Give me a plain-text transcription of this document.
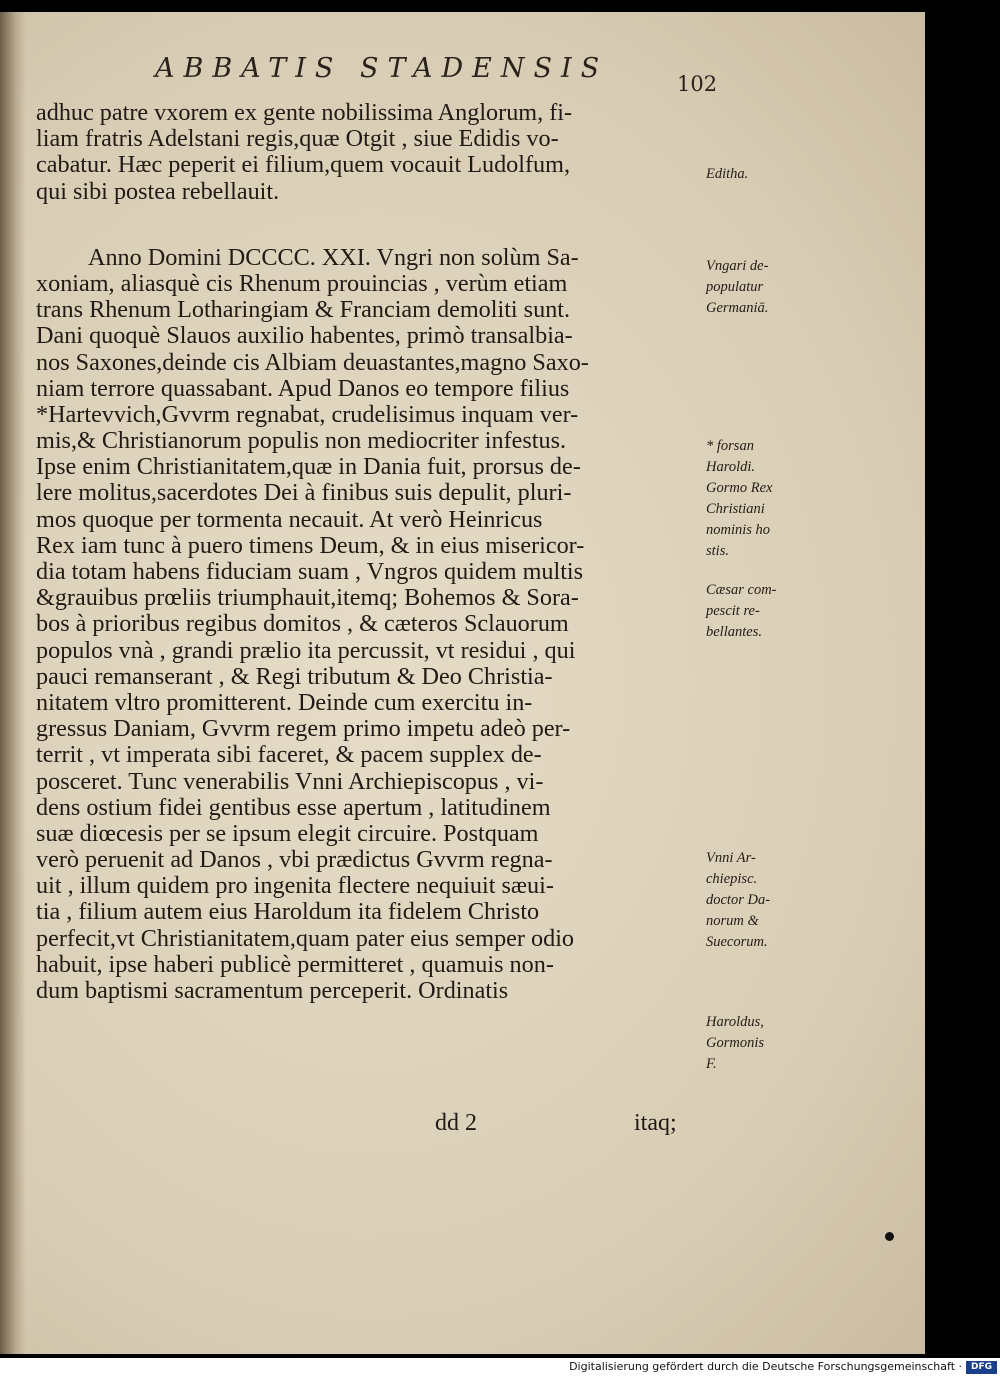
ABBATIS STADENSIS	102
adhuc patre vxorem ex gente nobilissima Anglorum, fi-
liam fratris Adelstani regis,quæ Otgit , siue Edidis vo-
cabatur. Hæc peperit ei filium,quem vocauit Ludolfum,
qui sibi postea rebellauit.
Anno Domini DCCCC. XXI. Vngri non solùm Sa-
xoniam, aliasquè cis Rhenum prouincias , verùm etiam
trans Rhenum Lotharingiam & Franciam demoliti sunt.
Dani quoquè Slauos auxilio habentes, primò transalbia-
nos Saxones,deinde cis Albiam deuastantes,magno Saxo-
niam terrore quassabant. Apud Danos eo tempore filius
*Hartevvich,Gvvrm regnabat, crudelisimus inquam ver-
mis,& Christianorum populis non mediocriter infestus.
Ipse enim Christianitatem,quæ in Dania fuit, prorsus de-
lere molitus,sacerdotes Dei à finibus suis depulit, pluri-
mos quoque per tormenta necauit. At verò Heinricus
Rex iam tunc à puero timens Deum, & in eius misericor-
dia totam habens fiduciam suam , Vngros quidem multis
&grauibus prœliis triumphauit,itemq; Bohemos & Sora-
bos à prioribus regibus domitos , & cæteros Sclauorum
populos vnà , grandi prælio ita percussit, vt residui , qui
pauci remanserant , & Regi tributum & Deo Christia-
nitatem vltro promitterent. Deinde cum exercitu in-
gressus Daniam, Gvvrm regem primo impetu adeò per-
territ , vt imperata sibi faceret, & pacem supplex de-
posceret. Tunc venerabilis Vnni Archiepiscopus , vi-
dens ostium fidei gentibus esse apertum , latitudinem
suæ diœcesis per se ipsum elegit circuire. Postquam
verò peruenit ad Danos , vbi prædictus Gvvrm regna-
uit , illum quidem pro ingenita flectere nequiuit sæui-
tia , filium autem eius Haroldum ita fidelem Christo
perfecit,vt Christianitatem,quam pater eius semper odio
habuit, ipse haberi publicè permitteret , quamuis non-
dum baptismi sacramentum perceperit. Ordinatis
dd 2	itaq;
Editha.
Vngari de-
populatur
Germaniā.
* forsan
Haroldi.
Gormo Rex
Christiani
nominis ho
stis.
Cæsar com-
pescit re-
bellantes.
Vnni Ar-
chiepisc.
doctor Da-
norum &
Suecorum.
Haroldus,
Gormonis
F.
Digitalisierung gefördert durch die Deutsche Forschungsgemeinschaft · DFG
